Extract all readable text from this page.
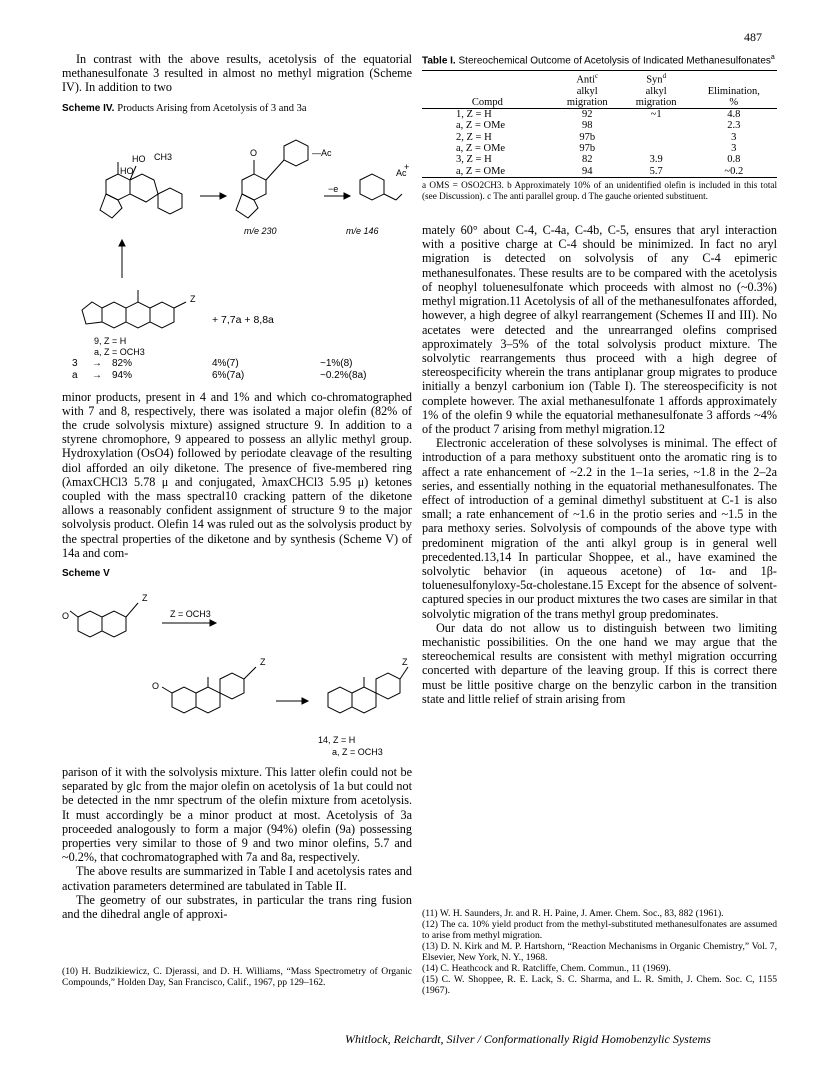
487

In contrast with the above results, acetolysis of the equatorial methanesulfonate 3 resulted in almost no methyl migration (Scheme IV). In addition to two

Scheme IV. Products Arising from Acetolysis of 3 and 3a
HO CH3
HO
O	—Ac
Ac
+
−e
m/e 230	m/e 146
Z
+ 7,7a + 8,8a
9, Z = H
a, Z = OCH3
3 → 82%	4%(7)	~1%(8)
a → 94%	6%(7a)	~0.2%(8a)

minor products, present in 4 and 1% and which co-chromatographed with 7 and 8, respectively, there was isolated a major olefin (82% of the crude solvolysis mixture) assigned structure 9. In addition to a styrene chromophore, 9 appeared to possess an allylic methyl group. Hydroxylation (OsO4) followed by periodate cleavage of the resulting diol afforded an oily diketone. The presence of five-membered ring (λmaxCHCl3 5.78 μ and conjugated, λmaxCHCl3 5.95 μ) ketones coupled with the mass spectral10 cracking pattern of the diketone allows a reasonably confident assignment of structure 9 to the major solvolysis product. Olefin 14 was ruled out as the solvolysis product by the spectral properties of the diketone and by synthesis (Scheme V) of 14a and com-

Scheme V
Z
O	Z = OCH3
Z
O
Z
14, Z = H
a, Z = OCH3

parison of it with the solvolysis mixture. This latter olefin could not be separated by glc from the major olefin on acetolysis of 1a but could not be detected in the nmr spectrum of the olefin mixture from acetolysis. It must accordingly be a minor product at most. Acetolysis of 3a proceeded analogously to form a major (94%) olefin (9a) possessing properties very similar to those of 9 and two minor olefins, 5.7 and ~0.2%, that cochromatographed with 7a and 8a, respectively.

The above results are summarized in Table I and acetolysis rates and activation parameters determined are tabulated in Table II.

The geometry of our substrates, in particular the trans ring fusion and the dihedral angle of approxi-

(10) H. Budzikiewicz, C. Djerassi, and D. H. Williams, “Mass Spectrometry of Organic Compounds,” Holden Day, San Francisco, Calif., 1967, pp 129–162.

Table I. Stereochemical Outcome of Acetolysis of Indicated Methanesulfonates$^a$
	Anti$^c$	Syn$^d$	
	alkyl	alkyl	Elimination,
Compd	migration	migration	%
1, Z = H	92	~1	4.8
a, Z = OMe	98		2.3
2, Z = H	97b		3
a, Z = OMe	97b		3
3, Z = H	82	3.9	0.8
a, Z = OMe	94	5.7	~0.2

a OMS = OSO2CH3. b Approximately 10% of an unidentified olefin is included in this total (see Discussion). c The anti parallel group. d The gauche oriented substituent.

mately 60° about C-4, C-4a, C-4b, C-5, ensures that aryl interaction with a positive charge at C-4 should be minimized. In fact no aryl migration is detected on solvolysis of any C-4 epimeric methanesulfonates. These results are to be compared with the acetolysis of neophyl toluenesulfonate which proceeds with almost no (~0.3%) methyl migration.11 Acetolysis of all of the methanesulfonates afforded, however, a high degree of alkyl rearrangement (Schemes II and III). No acetates were detected and the unrearranged olefins comprised approximately 3–5% of the total solvolysis product mixture. The solvolytic rearrangements thus proceed with a high degree of stereospecificity wherein the trans antiplanar group migrates to produce initially a benzyl carbonium ion (Table I). The stereospecificity is not complete however. The axial methanesulfonate 1 affords approximately 1% of the olefin 9 while the equatorial methanesulfonate 3 affords ~4% of the product 7 arising from methyl migration.12

Electronic acceleration of these solvolyses is minimal. The effect of introduction of a para methoxy substituent onto the aromatic ring is to affect a rate enhancement of ~2.2 in the 1–1a series, ~1.8 in the 2–2a series, and essentially nothing in the equatorial methanesulfonates. The effect of introduction of a geminal dimethyl substituent at C-1 is also small; a rate enhancement of ~1.6 in the protio series and ~1.5 in the para methoxy series. Solvolysis of compounds of the above type with predominent migration of the anti alkyl group is in general well precedented.13,14 In particular Shoppee, et al., have examined the solvolytic behavior (in aqueous acetone) of 1α- and 1β-toluenesulfonyloxy-5α-cholestane.15 Except for the absence of solvent-captured species in our product mixtures the two cases are similar in that solvolytic migration of the trans methyl group predominates.

Our data do not allow us to distinguish between two limiting mechanistic possibilities. On the one hand we may argue that the stereochemical results are consistent with methyl migration occurring concerted with departure of the leaving group. If this is correct there must be little positive charge on the benzylic carbon in the transition state and little relief of strain arising from

(11) W. H. Saunders, Jr. and R. H. Paine, J. Amer. Chem. Soc., 83, 882 (1961).

(12) The ca. 10% yield product from the methyl-substituted methanesulfonates are assumed to arise from methyl migration.

(13) D. N. Kirk and M. P. Hartshorn, “Reaction Mechanisms in Organic Chemistry,” Vol. 7, Elsevier, New York, N. Y., 1968.

(14) C. Heathcock and R. Ratcliffe, Chem. Commun., 11 (1969).

(15) C. W. Shoppee, R. E. Lack, S. C. Sharma, and L. R. Smith, J. Chem. Soc. C, 1155 (1967).

Whitlock, Reichardt, Silver / Conformationally Rigid Homobenzylic Systems
